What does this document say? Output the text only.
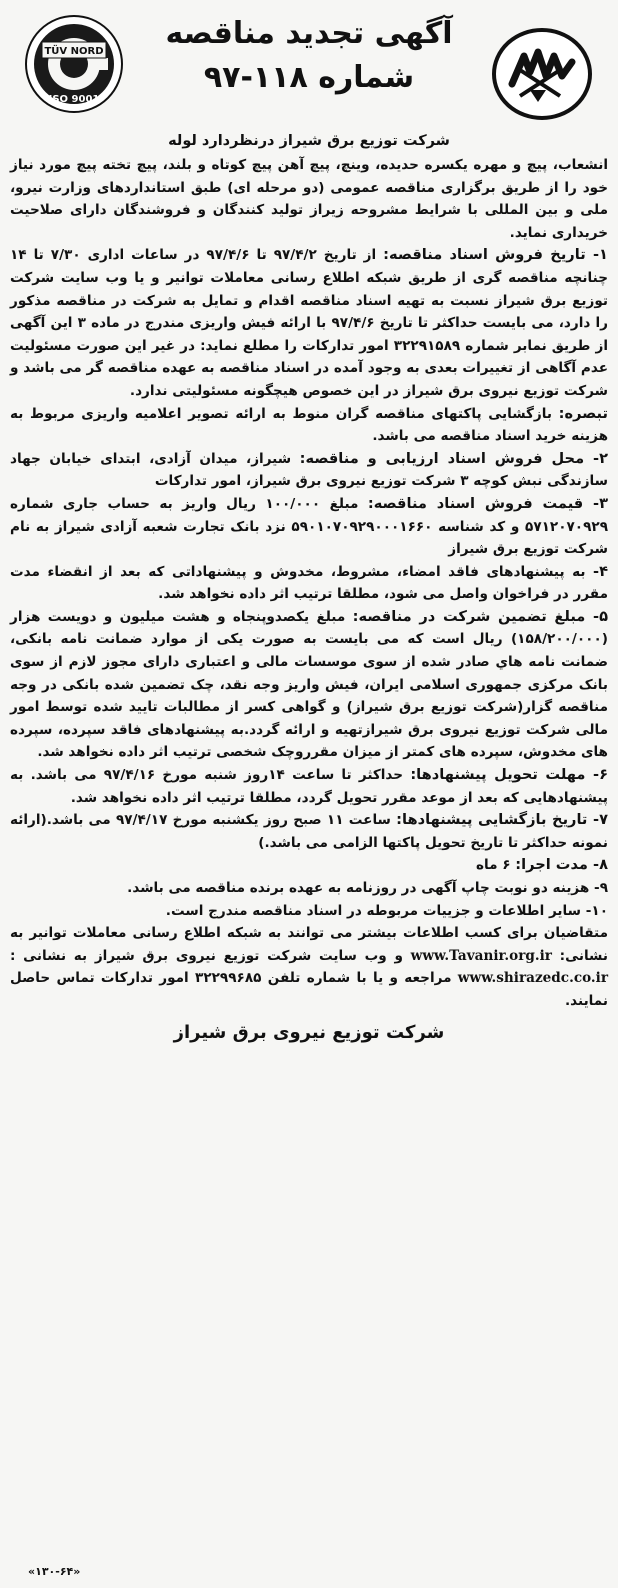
TÜV NORD
ISO 9001
آگهی تجدید مناقصه
شماره ۱۱۸-۹۷
شرکت توزیع برق شیراز درنظردارد لوله

انشعاب، پیچ و مهره یکسره حدیده، وینچ، پیچ آهن پیچ کوتاه و بلند، پیچ تخته پیچ مورد نیاز خود را از طریق برگزاری مناقصه عمومی (دو مرحله ای) طبق استانداردهای وزارت نیرو، ملی و بین المللی با شرایط مشروحه زیراز تولید کنندگان و فروشندگان دارای صلاحیت خریداری نماید.

۱- تاریخ فروش اسناد مناقصه: از تاریخ ۹۷/۴/۲ تا ۹۷/۴/۶ در ساعات اداری ۷/۳۰ تا ۱۴ چنانچه مناقصه گری از طریق شبکه اطلاع رسانی معاملات توانیر و یا وب سایت شرکت توزیع برق شیراز نسبت به تهیه اسناد مناقصه اقدام و تمایل به شرکت در مناقصه مذکور را دارد، می بایست حداکثر تا تاریخ ۹۷/۴/۶ با ارائه فیش واریزی مندرج در ماده ۳ این آگهی از طریق نمابر شماره ۳۲۲۹۱۵۸۹ امور تدارکات را مطلع نماید: در غیر این صورت مسئولیت عدم آگاهی از تغییرات بعدی به وجود آمده در اسناد مناقصه به عهده مناقصه گر می باشد و شرکت توزیع نیروی برق شیراز در این خصوص هیچگونه مسئولیتی ندارد.

تبصره: بازگشایی پاکتهای مناقصه گران منوط به ارائه تصویر اعلامیه واریزی مربوط به هزینه خرید اسناد مناقصه می باشد.

۲- محل فروش اسناد ارزیابی و مناقصه: شیراز، میدان آزادی، ابتدای خیابان جهاد سازندگی نبش کوچه ۳ شرکت توزیع نیروی برق شیراز، امور تدارکات

۳- قیمت فروش اسناد مناقصه: مبلغ ۱۰۰/۰۰۰ ریال واریز به حساب جاری شماره ۵۷۱۲۰۷۰۹۲۹ و کد شناسه ۵۹۰۱۰۷۰۹۲۹۰۰۰۱۶۶۰ نزد بانک تجارت شعبه آزادی شیراز به نام شرکت توزیع برق شیراز

۴- به پیشنهادهای فاقد امضاء، مشروط، مخدوش و پیشنهاداتی که بعد از انقضاء مدت مقرر در فراخوان واصل می شود، مطلقا ترتیب اثر داده نخواهد شد.

۵- مبلغ تضمین شرکت در مناقصه: مبلغ یکصدوپنجاه و هشت میلیون و دویست هزار (۱۵۸/۲۰۰/۰۰۰) ریال است که می بایست به صورت یکی از موارد ضمانت نامه بانکی، ضمانت نامه هاي صادر شده از سوی موسسات مالی و اعتباری دارای مجوز لازم از سوی بانک مرکزی جمهوری اسلامی ایران، فیش واریز وجه نقد، چک تضمین شده بانکی در وجه مناقصه گزار(شرکت توزیع برق شیراز) و گواهی کسر از مطالبات تایید شده توسط امور مالی شرکت توزیع نیروی برق شیرازتهیه و ارائه گردد.به پیشنهادهای فاقد سپرده، سپرده های مخدوش، سپرده های کمتر از میزان مقرروچک شخصی ترتیب اثر داده نخواهد شد.

۶- مهلت تحویل پیشنهادها: حداکثر تا ساعت ۱۴روز شنبه مورخ ۹۷/۴/۱۶ می باشد. به پیشنهادهایی که بعد از موعد مقرر تحویل گردد، مطلقا ترتیب اثر داده نخواهد شد.

۷- تاریخ بازگشایی پیشنهادها: ساعت ۱۱ صبح روز یکشنبه مورخ ۹۷/۴/۱۷ می باشد.(ارائه نمونه حداکثر تا تاریخ تحویل پاکتها الزامی می باشد.)

۸- مدت اجرا: ۶ ماه

۹- هزینه دو نوبت چاپ آگهی در روزنامه به عهده برنده مناقصه می باشد.

۱۰- سایر اطلاعات و جزییات مربوطه در اسناد مناقصه مندرج است.

متقاضیان برای کسب اطلاعات بیشتر می توانند به شبکه اطلاع رسانی معاملات توانیر به نشانی: www.Tavanir.org.ir و وب سایت شرکت توزیع نیروی برق شیراز به نشانی : www.shirazedc.co.ir مراجعه و یا با شماره تلفن ۳۲۲۹۹۶۸۵ امور تدارکات تماس حاصل نمایند.

شرکت توزیع نیروی برق شیراز
«۱۳۰-۶۴»
